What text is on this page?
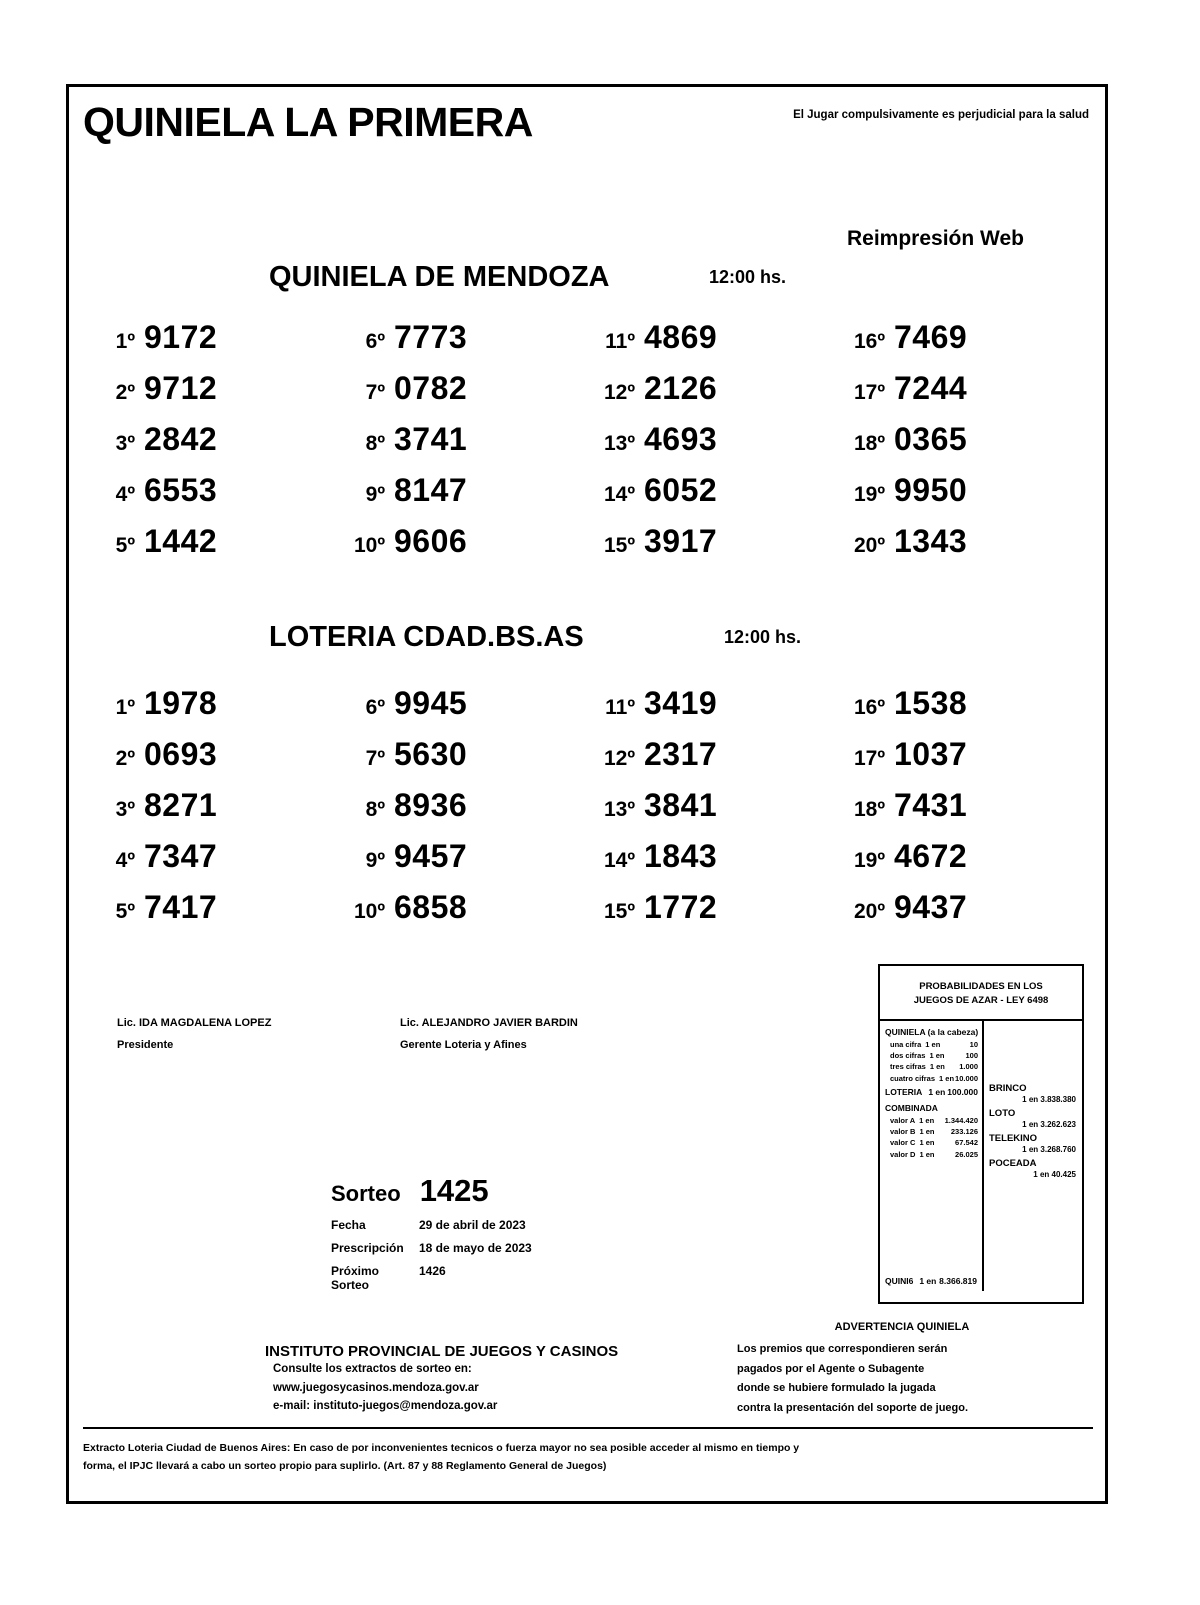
QUINIELA LA PRIMERA	El Jugar compulsivamente es perjudicial para la salud
Reimpresión Web
QUINIELA DE MENDOZA	12:00 hs.
1º 9172	6º 7773	11º 4869	16º 7469
2º 9712	7º 0782	12º 2126	17º 7244
3º 2842	8º 3741	13º 4693	18º 0365
4º 6553	9º 8147	14º 6052	19º 9950
5º 1442	10º 9606	15º 3917	20º 1343
LOTERIA CDAD.BS.AS	12:00 hs.
1º 1978	6º 9945	11º 3419	16º 1538
2º 0693	7º 5630	12º 2317	17º 1037
3º 8271	8º 8936	13º 3841	18º 7431
4º 7347	9º 9457	14º 1843	19º 4672
5º 7417	10º 6858	15º 1772	20º 9437
Lic. IDA MAGDALENA LOPEZ
Presidente
Lic. ALEJANDRO JAVIER BARDIN
Gerente Loteria y Afines
Sorteo 1425
Fecha	29 de abril de 2023
Prescripción	18 de mayo de 2023
Próximo Sorteo
1426
PROBABILIDADES EN LOS
JUEGOS DE AZAR - LEY 6498
QUINIELA (a la cabeza)
una cifra 1 en	10
dos cifras 1 en	100
tres cifras 1 en 1.000
cuatro cifras 1 en 10.000
LOTERIA 1 en 100.000
COMBINADA
valor A 1 en 1.344.420
valor B 1 en 233.126
valor C 1 en	67.542
valor D 1 en	26.025
QUINI6 1 en 8.366.819
BRINCO
1 en 3.838.380
LOTO
1 en 3.262.623
TELEKINO
1 en 3.268.760
POCEADA
1 en 40.425
ADVERTENCIA QUINIELA
Los premios que correspondieren serán
pagados por el Agente o Subagente
donde se hubiere formulado la jugada
contra la presentación del soporte de juego.
INSTITUTO PROVINCIAL DE JUEGOS Y CASINOS
Consulte los extractos de sorteo en:
www.juegosycasinos.mendoza.gov.ar
e-mail: instituto-juegos@mendoza.gov.ar
Extracto Loteria Ciudad de Buenos Aires: En caso de por inconvenientes tecnicos o fuerza mayor no sea posible acceder al mismo en tiempo y
forma, el IPJC llevará a cabo un sorteo propio para suplirlo. (Art. 87 y 88 Reglamento General de Juegos)
